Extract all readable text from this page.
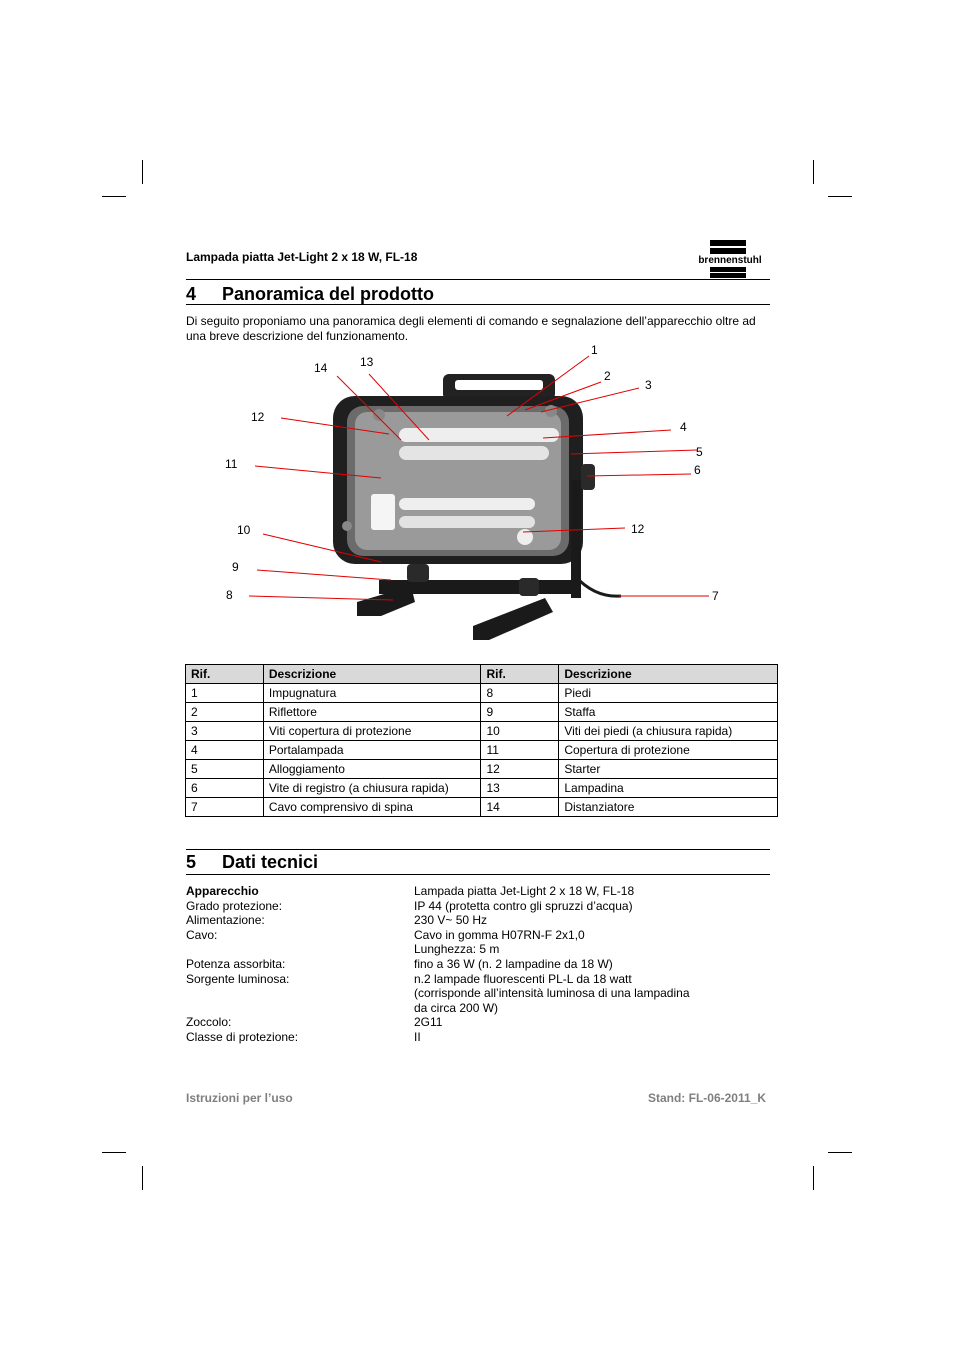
Lampada piatta Jet-Light 2 x 18 W, FL-18	brennenstuhl
4 Panoramica del prodotto
Di seguito proponiamo una panoramica degli elementi di comando e segnalazione dell’apparecchio oltre ad una breve descrizione del funzionamento.
1
2
3
4
5
6
7
8
9
10
11
12
12
13
14
Rif.	Descrizione	Rif.	Descrizione
1	Impugnatura	8	Piedi
2	Riflettore	9	Staffa
3	Viti copertura di protezione	10	Viti dei piedi (a chiusura rapida)
4	Portalampada	11	Copertura di protezione
5	Alloggiamento	12	Starter
6	Vite di registro (a chiusura rapida)	13	Lampadina
7	Cavo comprensivo di spina	14	Distanziatore
5 Dati tecnici
Apparecchio	Lampada piatta Jet-Light 2 x 18 W, FL-18
Grado protezione:	IP 44 (protetta contro gli spruzzi d’acqua)
Alimentazione:	230 V~ 50 Hz
Cavo:	Cavo in gomma H07RN-F 2x1,0
Lunghezza: 5 m
Potenza assorbita:	fino a 36 W (n. 2 lampadine da 18 W)
Sorgente luminosa:	n.2 lampade fluorescenti PL-L da 18 watt
(corrisponde all’intensità luminosa di una lampadina
da circa 200 W)
Zoccolo:	2G11
Classe di protezione:	II
Istruzioni per l’uso	Stand: FL-06-2011_K
